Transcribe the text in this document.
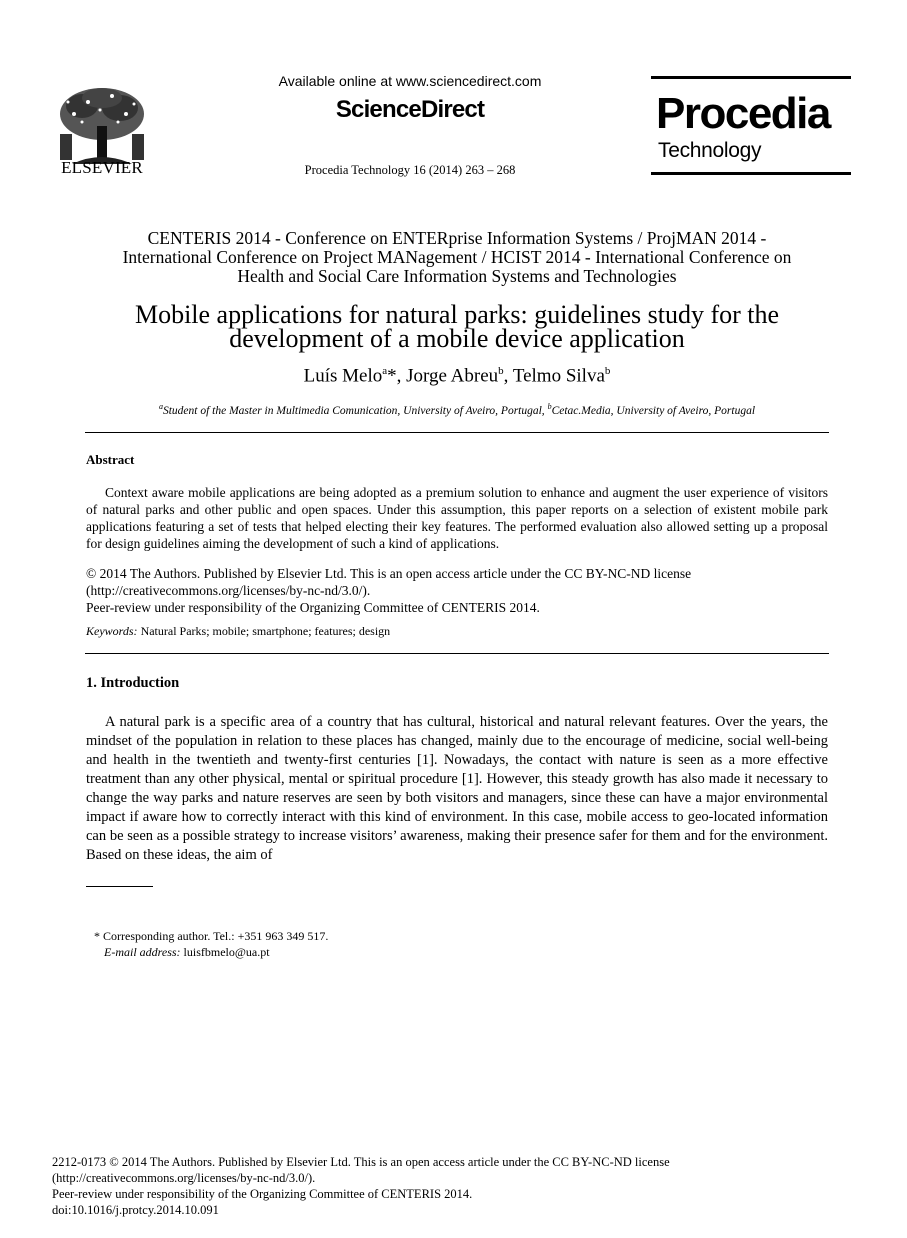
ELSEVIER
Available online at www.sciencedirect.com
ScienceDirect
Procedia Technology 16 (2014) 263 – 268
Procedia
Technology
CENTERIS 2014 - Conference on ENTERprise Information Systems / ProjMAN 2014 -
International Conference on Project MANagement / HCIST 2014 - International Conference on
Health and Social Care Information Systems and Technologies
Mobile applications for natural parks: guidelines study for the
development of a mobile device application
Luís Melo$^a$*, Jorge Abreu$^b$, Telmo Silva$^b$
$^a$Student of the Master in Multimedia Comunication, University of Aveiro, Portugal, $^b$Cetac.Media, University of Aveiro, Portugal
Abstract
Context aware mobile applications are being adopted as a premium solution to enhance and augment the user experience of visitors of natural parks and other public and open spaces. Under this assumption, this paper reports on a selection of existent mobile park applications featuring a set of tests that helped electing their key features. The performed evaluation also allowed setting up a proposal for design guidelines aiming the development of such a kind of applications.
© 2014 The Authors. Published by Elsevier Ltd. This is an open access article under the CC BY-NC-ND license
(http://creativecommons.org/licenses/by-nc-nd/3.0/).
Peer-review under responsibility of the Organizing Committee of CENTERIS 2014.
Keywords: Natural Parks; mobile; smartphone; features; design
1. Introduction
A natural park is a specific area of a country that has cultural, historical and natural relevant features. Over the years, the mindset of the population in relation to these places has changed, mainly due to the encourage of medicine, social well-being and health in the twentieth and twenty-first centuries [1]. Nowadays, the contact with nature is seen as a more effective treatment than any other physical, mental or spiritual procedure [1]. However, this steady growth has also made it necessary to change the way parks and nature reserves are seen by both visitors and managers, since these can have a major environmental impact if aware how to correctly interact with this kind of environment. In this case, mobile access to geo-located information can be seen as a possible strategy to increase visitors’ awareness, making their presence safer for them and for the environment. Based on these ideas, the aim of
* Corresponding author. Tel.: +351 963 349 517.
E-mail address: luisfbmelo@ua.pt
2212-0173 © 2014 The Authors. Published by Elsevier Ltd. This is an open access article under the CC BY-NC-ND license
(http://creativecommons.org/licenses/by-nc-nd/3.0/).
Peer-review under responsibility of the Organizing Committee of CENTERIS 2014.
doi:10.1016/j.protcy.2014.10.091
